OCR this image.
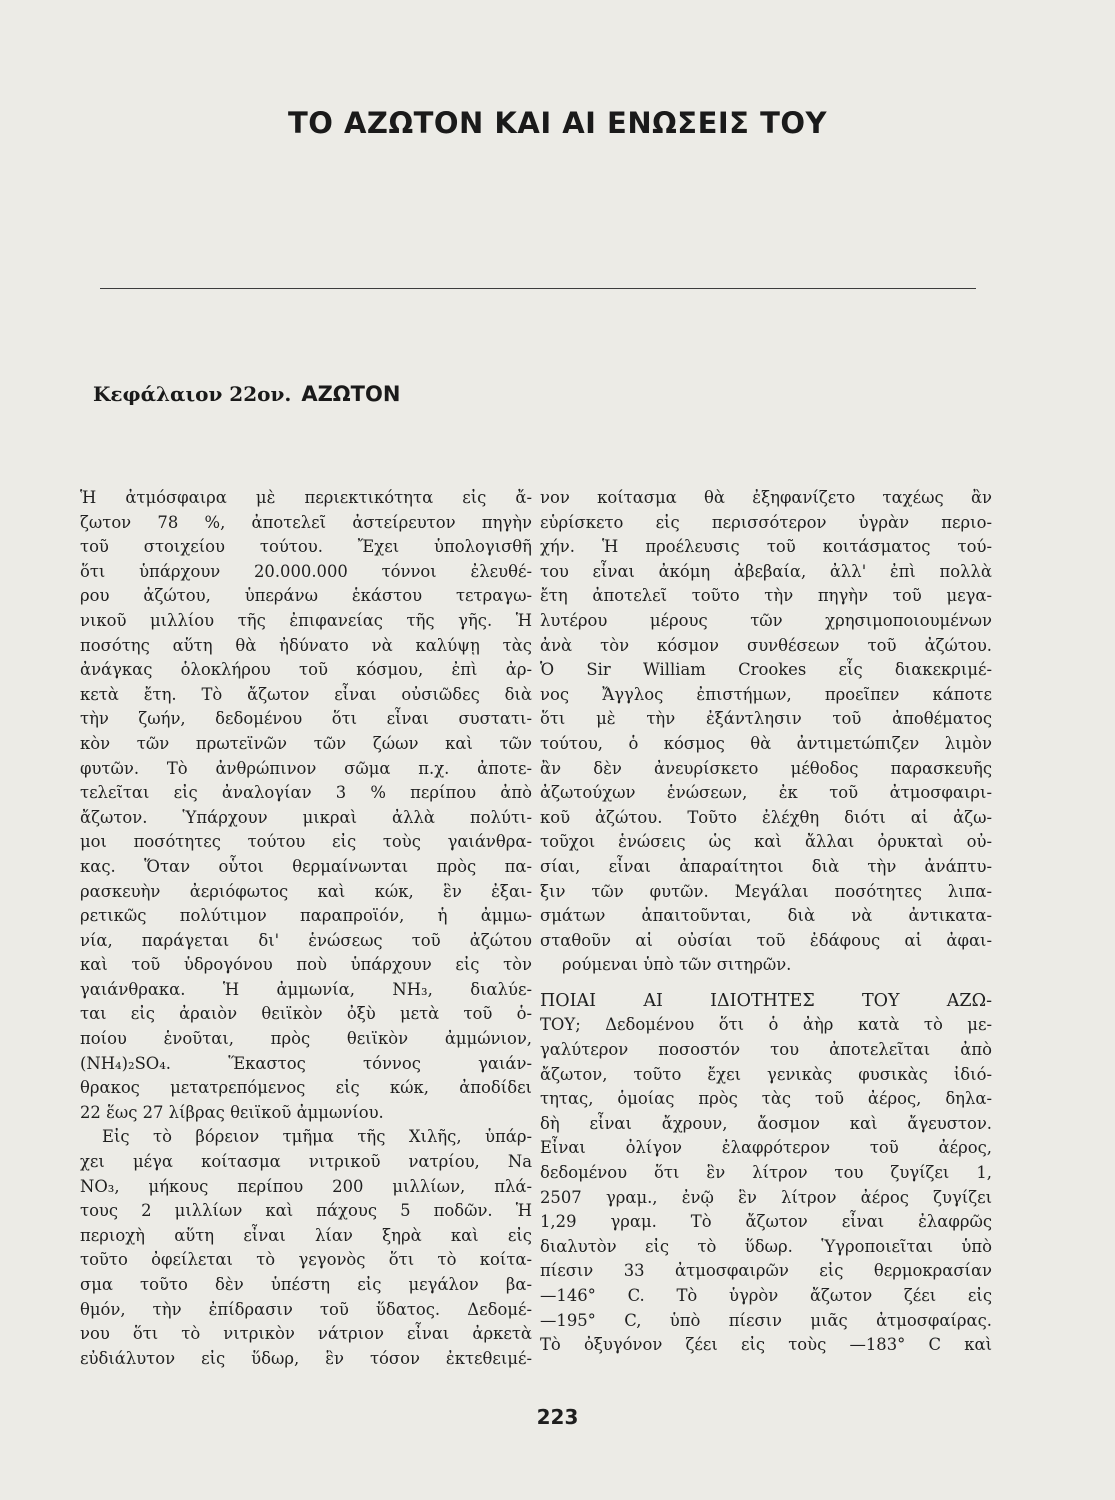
ΤΟ ΑΖΩΤΟΝ ΚΑΙ ΑΙ ΕΝΩΣΕΙΣ ΤΟΥ
Κεφάλαιον 22ον. ΑΖΩΤΟΝ
Ἡ ἀτμόσφαιρα μὲ περιεκτικότητα εἰς ἄ-
ζωτον 78 %, ἀποτελεῖ ἀστείρευτον πηγὴν
τοῦ στοιχείου τούτου. Ἔχει ὑπολογισθῆ
ὅτι ὑπάρχουν 20.000.000 τόννοι ἐλευθέ-
ρου ἀζώτου, ὑπεράνω ἑκάστου τετραγω-
νικοῦ μιλλίου τῆς ἐπιφανείας τῆς γῆς. Ἡ
ποσότης αὕτη θὰ ἠδύνατο νὰ καλύψῃ τὰς
ἀνάγκας ὁλοκλήρου τοῦ κόσμου, ἐπὶ ἀρ-
κετὰ ἔτη. Τὸ ἄζωτον εἶναι οὐσιῶδες διὰ
τὴν ζωήν, δεδομένου ὅτι εἶναι συστατι-
κὸν τῶν πρωτεϊνῶν τῶν ζώων καὶ τῶν
φυτῶν. Τὸ ἀνθρώπινον σῶμα π.χ. ἀποτε-
τελεῖται εἰς ἀναλογίαν 3 % περίπου ἀπὸ
ἄζωτον. Ὑπάρχουν μικραὶ ἀλλὰ πολύτι-
μοι ποσότητες τούτου εἰς τοὺς γαιάνθρα-
κας. Ὅταν οὗτοι θερμαίνωνται πρὸς πα-
ρασκευὴν ἀεριόφωτος καὶ κώκ, ἓν ἐξαι-
ρετικῶς πολύτιμον παραπροϊόν, ἡ ἀμμω-
νία, παράγεται δι' ἑνώσεως τοῦ ἀζώτου
καὶ τοῦ ὑδρογόνου ποὺ ὑπάρχουν εἰς τὸν
γαιάνθρακα. Ἡ ἀμμωνία, NH₃, διαλύε-
ται εἰς ἀραιὸν θειϊκὸν ὀξὺ μετὰ τοῦ ὁ-
ποίου ἑνοῦται, πρὸς θειϊκὸν ἀμμώνιον,
(NH₄)₂SO₄. Ἕκαστος τόννος γαιάν-
θρακος μετατρεπόμενος εἰς κώκ, ἀποδίδει
22 ἕως 27 λίβρας θειϊκοῦ ἀμμωνίου.
Εἰς τὸ βόρειον τμῆμα τῆς Χιλῆς, ὑπάρ-
χει μέγα κοίτασμα νιτρικοῦ νατρίου, Na
NO₃, μήκους περίπου 200 μιλλίων, πλά-
τους 2 μιλλίων καὶ πάχους 5 ποδῶν. Ἡ
περιοχὴ αὕτη εἶναι λίαν ξηρὰ καὶ εἰς
τοῦτο ὀφείλεται τὸ γεγονὸς ὅτι τὸ κοίτα-
σμα τοῦτο δὲν ὑπέστη εἰς μεγάλον βα-
θμόν, τὴν ἐπίδρασιν τοῦ ὕδατος. Δεδομέ-
νου ὅτι τὸ νιτρικὸν νάτριον εἶναι ἀρκετὰ
εὐδιάλυτον εἰς ὕδωρ, ἓν τόσον ἐκτεθειμέ-
νον κοίτασμα θὰ ἐξηφανίζετο ταχέως ἂν
εὑρίσκετο εἰς περισσότερον ὑγρὰν περιο-
χήν. Ἡ προέλευσις τοῦ κοιτάσματος τού-
του εἶναι ἀκόμη ἀβεβαία, ἀλλ' ἐπὶ πολλὰ
ἔτη ἀποτελεῖ τοῦτο τὴν πηγὴν τοῦ μεγα-
λυτέρου μέρους τῶν χρησιμοποιουμένων
ἀνὰ τὸν κόσμον συνθέσεων τοῦ ἀζώτου.
Ὁ Sir William Crookes εἷς διακεκριμέ-
νος Ἄγγλος ἐπιστήμων, προεῖπεν κάποτε
ὅτι μὲ τὴν ἐξάντλησιν τοῦ ἀποθέματος
τούτου, ὁ κόσμος θὰ ἀντιμετώπιζεν λιμὸν
ἂν δὲν ἀνευρίσκετο μέθοδος παρασκευῆς
ἀζωτούχων ἑνώσεων, ἐκ τοῦ ἀτμοσφαιρι-
κοῦ ἀζώτου. Τοῦτο ἐλέχθη διότι αἱ ἀζω-
τοῦχοι ἑνώσεις ὡς καὶ ἄλλαι ὀρυκταὶ οὐ-
σίαι, εἶναι ἀπαραίτητοι διὰ τὴν ἀνάπτυ-
ξιν τῶν φυτῶν. Μεγάλαι ποσότητες λιπα-
σμάτων ἀπαιτοῦνται, διὰ νὰ ἀντικατα-
σταθοῦν αἱ οὐσίαι τοῦ ἐδάφους αἱ ἀφαι-
ρούμεναι ὑπὸ τῶν σιτηρῶν.
ΠΟΙΑΙ ΑΙ ΙΔΙΟΤΗΤΕΣ ΤΟΥ ΑΖΩ-
ΤΟΥ; Δεδομένου ὅτι ὁ ἀὴρ κατὰ τὸ με-
γαλύτερον ποσοστόν του ἀποτελεῖται ἀπὸ
ἄζωτον, τοῦτο ἔχει γενικὰς φυσικὰς ἰδιό-
τητας, ὁμοίας πρὸς τὰς τοῦ ἀέρος, δηλα-
δὴ εἶναι ἄχρουν, ἄοσμον καὶ ἄγευστον.
Εἶναι ὀλίγον ἐλαφρότερον τοῦ ἀέρος,
δεδομένου ὅτι ἓν λίτρον του ζυγίζει 1,
2507 γραμ., ἐνῷ ἓν λίτρον ἀέρος ζυγίζει
1,29 γραμ. Τὸ ἄζωτον εἶναι ἐλαφρῶς
διαλυτὸν εἰς τὸ ὕδωρ. Ὑγροποιεῖται ὑπὸ
πίεσιν 33 ἀτμοσφαιρῶν εἰς θερμοκρασίαν
—146° C. Τὸ ὑγρὸν ἄζωτον ζέει εἰς
—195° C, ὑπὸ πίεσιν μιᾶς ἀτμοσφαίρας.
Τὸ ὀξυγόνον ζέει εἰς τοὺς —183° C καὶ
223
